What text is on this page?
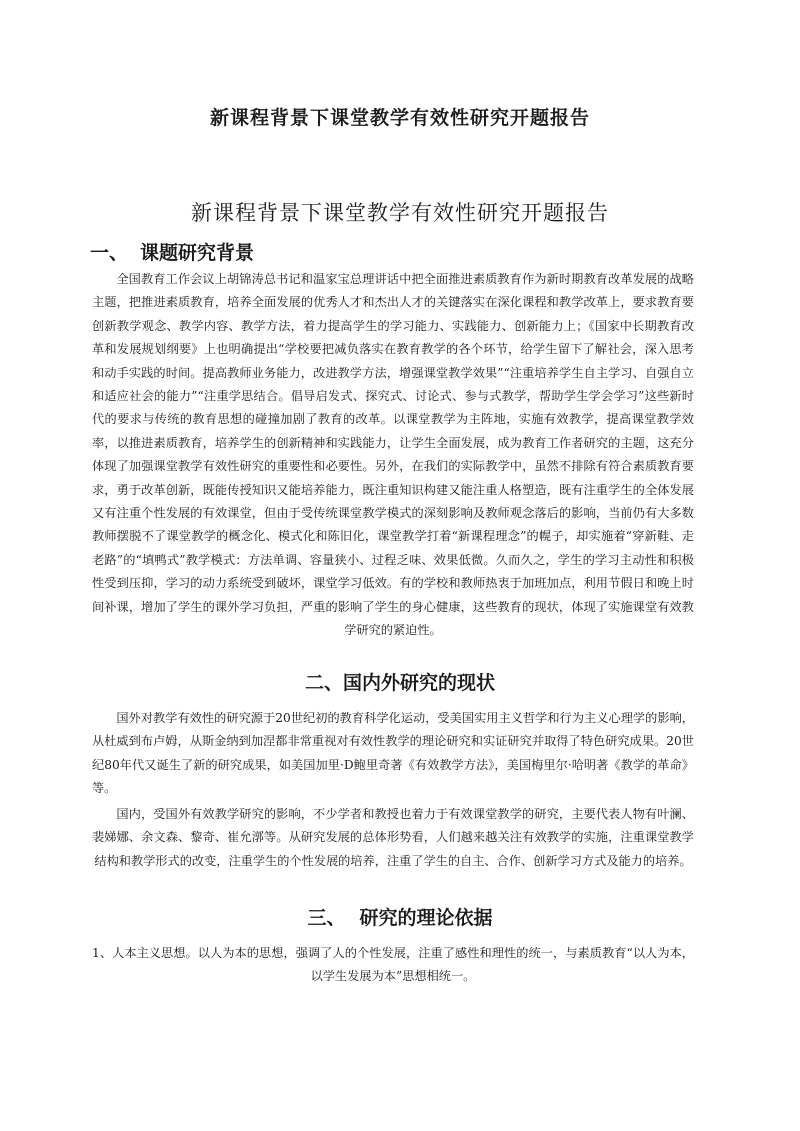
新课程背景下课堂教学有效性研究开题报告
新课程背景下课堂教学有效性研究开题报告
一、 课题研究背景

全国教育工作会议上胡锦涛总书记和温家宝总理讲话中把全面推进素质教育作为新时期教育改革发展的战略主题，把推进素质教育，培养全面发展的优秀人才和杰出人才的关键落实在深化课程和教学改革上，要求教育要创新教学观念、教学内容、教学方法，着力提高学生的学习能力、实践能力、创新能力上；《国家中长期教育改革和发展规划纲要》上也明确提出“学校要把减负落实在教育教学的各个环节，给学生留下了解社会，深入思考和动手实践的时间。提高教师业务能力，改进教学方法，增强课堂教学效果”“注重培养学生自主学习、自强自立和适应社会的能力”“注重学思结合。倡导启发式、探究式、讨论式、参与式教学，帮助学生学会学习”这些新时代的要求与传统的教育思想的碰撞加剧了教育的改革。以课堂教学为主阵地，实施有效教学，提高课堂教学效率，以推进素质教育，培养学生的创新精神和实践能力，让学生全面发展，成为教育工作者研究的主题，这充分体现了加强课堂教学有效性研究的重要性和必要性。另外，在我们的实际教学中，虽然不排除有符合素质教育要求，勇于改革创新，既能传授知识又能培养能力，既注重知识构建又能注重人格塑造，既有注重学生的全体发展又有注重个性发展的有效课堂，但由于受传统课堂教学模式的深刻影响及教师观念落后的影响，当前仍有大多数教师摆脱不了课堂教学的概念化、模式化和陈旧化，课堂教学打着“新课程理念”的幌子，却实施着“穿新鞋、走老路”的“填鸭式”教学模式：方法单调、容量狭小、过程乏味、效果低微。久而久之，学生的学习主动性和积极性受到压抑，学习的动力系统受到破坏，课堂学习低效。有的学校和教师热衷于加班加点，利用节假日和晚上时间补课，增加了学生的课外学习负担，严重的影响了学生的身心健康，这些教育的现状，体现了实施课堂有效教学研究的紧迫性。

二、国内外研究的现状

国外对教学有效性的研究源于20世纪初的教育科学化运动，受美国实用主义哲学和行为主义心理学的影响，从杜威到布卢姆，从斯金纳到加涅都非常重视对有效性教学的理论研究和实证研究并取得了特色研究成果。20世纪80年代又诞生了新的研究成果，如美国加里·D鲍里奇著《有效教学方法》，美国梅里尔·哈明著《教学的革命》等。

国内，受国外有效教学研究的影响，不少学者和教授也着力于有效课堂教学的研究，主要代表人物有叶澜、裴娣娜、余文森、黎奇、崔允漷等。从研究发展的总体形势看，人们越来越关注有效教学的实施，注重课堂教学结构和教学形式的改变，注重学生的个性发展的培养，注重了学生的自主、合作、创新学习方式及能力的培养。

三、 研究的理论依据

1、人本主义思想。以人为本的思想，强调了人的个性发展，注重了感性和理性的统一，与素质教育“以人为本，以学生发展为本”思想相统一。
